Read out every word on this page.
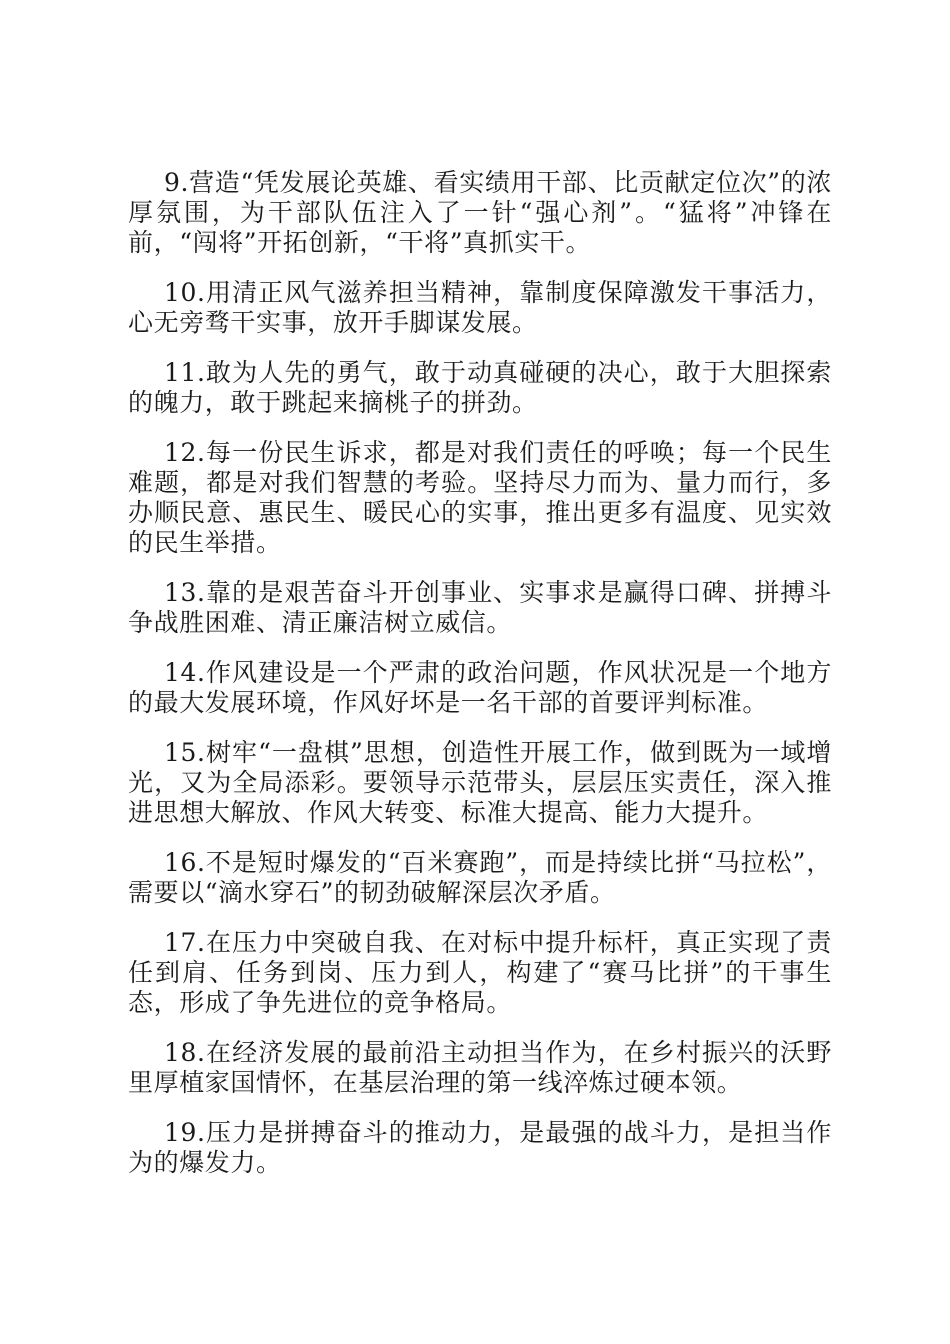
9.营造“凭发展论英雄、看实绩用干部、比贡献定位次”的浓厚氛围，为干部队伍注入了一针“强心剂”。“猛将”冲锋在前，“闯将”开拓创新，“干将”真抓实干。

10.用清正风气滋养担当精神，靠制度保障激发干事活力，心无旁骛干实事，放开手脚谋发展。

11.敢为人先的勇气，敢于动真碰硬的决心，敢于大胆探索的魄力，敢于跳起来摘桃子的拼劲。

12.每一份民生诉求，都是对我们责任的呼唤；每一个民生难题，都是对我们智慧的考验。坚持尽力而为、量力而行，多办顺民意、惠民生、暖民心的实事，推出更多有温度、见实效的民生举措。

13.靠的是艰苦奋斗开创事业、实事求是赢得口碑、拼搏斗争战胜困难、清正廉洁树立威信。

14.作风建设是一个严肃的政治问题，作风状况是一个地方的最大发展环境，作风好坏是一名干部的首要评判标准。

15.树牢“一盘棋”思想，创造性开展工作，做到既为一域增光，又为全局添彩。要领导示范带头，层层压实责任，深入推进思想大解放、作风大转变、标准大提高、能力大提升。

16.不是短时爆发的“百米赛跑”，而是持续比拼“马拉松”，需要以“滴水穿石”的韧劲破解深层次矛盾。

17.在压力中突破自我、在对标中提升标杆，真正实现了责任到肩、任务到岗、压力到人，构建了“赛马比拼”的干事生态，形成了争先进位的竞争格局。

18.在经济发展的最前沿主动担当作为，在乡村振兴的沃野里厚植家国情怀，在基层治理的第一线淬炼过硬本领。

19.压力是拼搏奋斗的推动力，是最强的战斗力，是担当作为的爆发力。
